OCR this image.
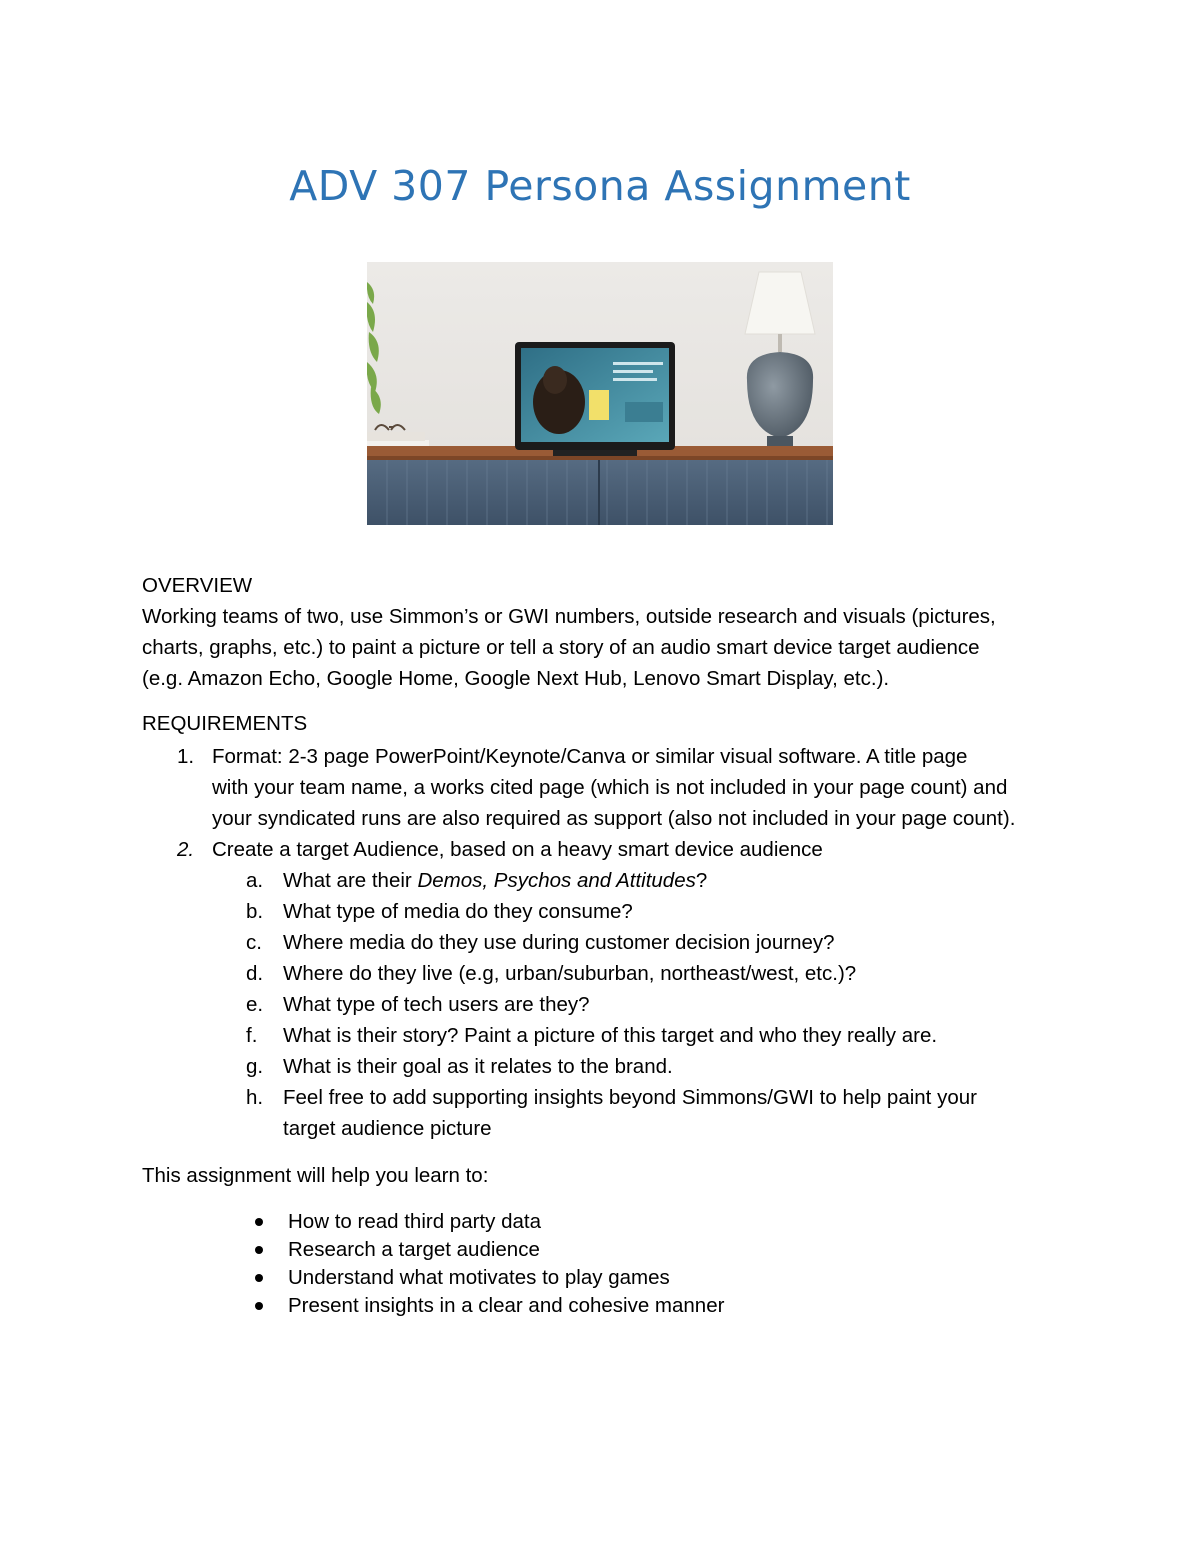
ADV 307 Persona Assignment
OVERVIEW
Working teams of two, use Simmon’s or GWI numbers, outside research and visuals (pictures,
charts, graphs, etc.) to paint a picture or tell a story of an audio smart device target audience
(e.g. Amazon Echo, Google Home, Google Next Hub, Lenovo Smart Display, etc.).
REQUIREMENTS
1. Format: 2-3 page PowerPoint/Keynote/Canva or similar visual software. A title page
with your team name, a works cited page (which is not included in your page count) and
your syndicated runs are also required as support (also not included in your page count).
2. Create a target Audience, based on a heavy smart device audience
a. What are their Demos, Psychos and Attitudes?
b. What type of media do they consume?
c. Where media do they use during customer decision journey?
d. Where do they live (e.g, urban/suburban, northeast/west, etc.)?
e. What type of tech users are they?
f. What is their story? Paint a picture of this target and who they really are.
g. What is their goal as it relates to the brand.
h. Feel free to add supporting insights beyond Simmons/GWI to help paint your
target audience picture
This assignment will help you learn to:
How to read third party data
Research a target audience
Understand what motivates to play games
Present insights in a clear and cohesive manner
